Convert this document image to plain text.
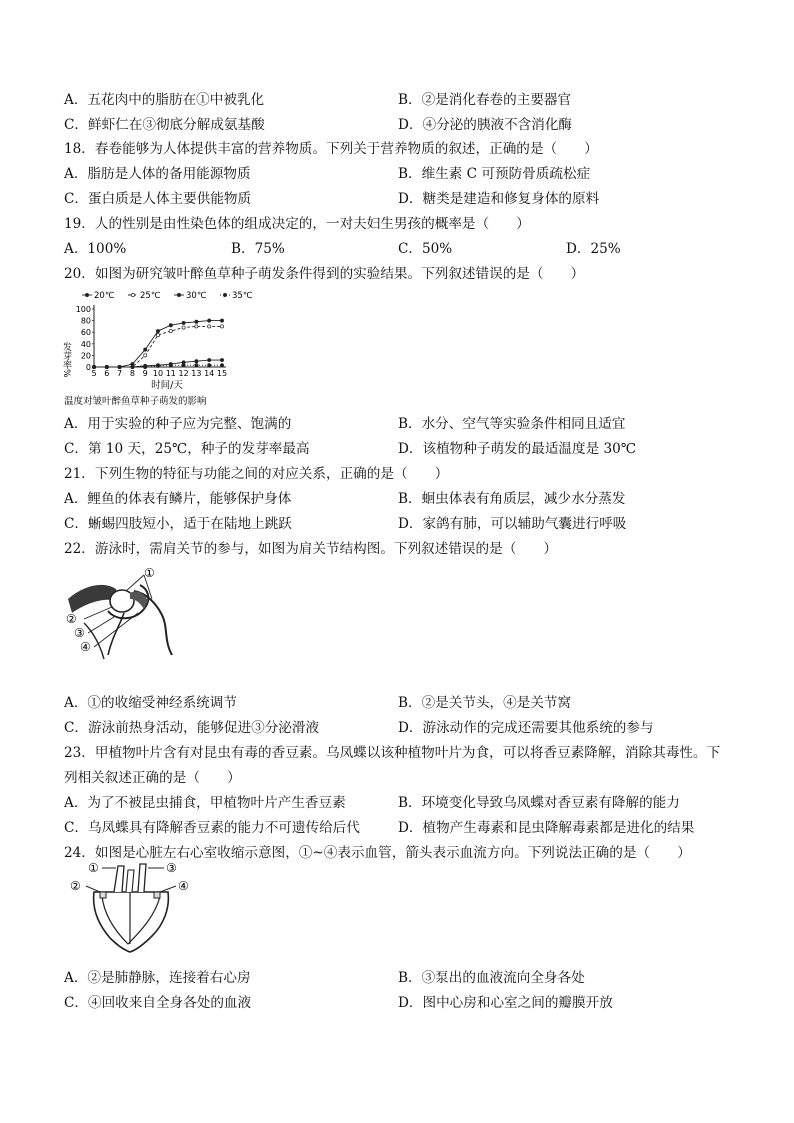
A．五花肉中的脂肪在①中被乳化	B．②是消化春卷的主要器官
C．鲜虾仁在③彻底分解成氨基酸	D．④分泌的胰液不含消化酶
18．春卷能够为人体提供丰富的营养物质。下列关于营养物质的叙述，正确的是（　　）
A．脂肪是人体的备用能源物质	B．维生素 C 可预防骨质疏松症
C．蛋白质是人体主要供能物质	D．糖类是建造和修复身体的原料
19．人的性别是由性染色体的组成决定的，一对夫妇生男孩的概率是（　　）
A．100%	B．75%	C．50%	D．25%
20．如图为研究皱叶醉鱼草种子萌发条件得到的实验结果。下列叙述错误的是（　　）
20℃	25℃	30℃	35℃
发芽率% 0
20
40
60
80
100
5 6 7 8 9 10 11 12 13 14 15
时间/天
温度对皱叶醉鱼草种子萌发的影响
A．用于实验的种子应为完整、饱满的	B．水分、空气等实验条件相同且适宜
C．第 10 天，25℃，种子的发芽率最高	D．该植物种子萌发的最适温度是 30℃
21．下列生物的特征与功能之间的对应关系，正确的是（　　）
A．鲤鱼的体表有鳞片，能够保护身体	B．蛔虫体表有角质层，减少水分蒸发
C．蜥蜴四肢短小，适于在陆地上跳跃	D．家鸽有肺，可以辅助气囊进行呼吸
22．游泳时，需肩关节的参与，如图为肩关节结构图。下列叙述错误的是（　　）
①
②
③
④
A．①的收缩受神经系统调节	B．②是关节头，④是关节窝
C．游泳前热身活动，能够促进③分泌滑液	D．游泳动作的完成还需要其他系统的参与
23．甲植物叶片含有对昆虫有毒的香豆素。乌凤蝶以该种植物叶片为食，可以将香豆素降解，消除其毒性。下
列相关叙述正确的是（　　）
A．为了不被昆虫捕食，甲植物叶片产生香豆素	B．环境变化导致乌凤蝶对香豆素有降解的能力
C．乌凤蝶具有降解香豆素的能力不可遗传给后代	D．植物产生毒素和昆虫降解毒素都是进化的结果
24．如图是心脏左右心室收缩示意图，①~④表示血管，箭头表示血流方向。下列说法正确的是（　　）
①
②
③
④
A．②是肺静脉，连接着右心房	B．③泵出的血液流向全身各处
C．④回收来自全身各处的血液	D．图中心房和心室之间的瓣膜开放
